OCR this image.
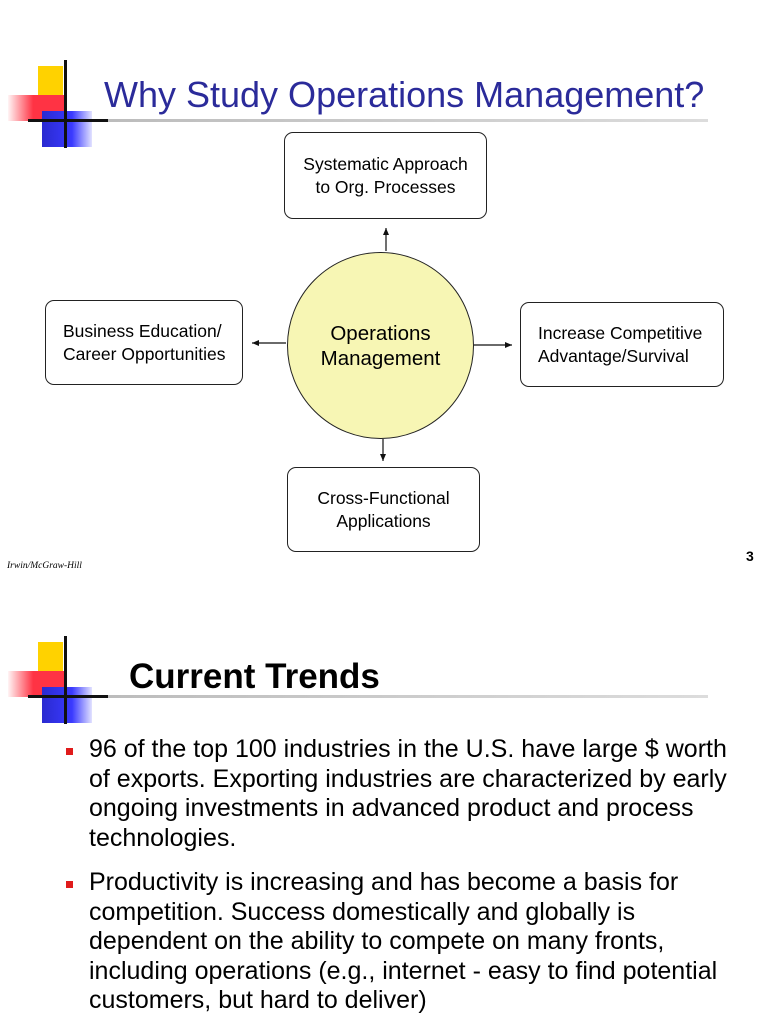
Why Study Operations Management?
Systematic Approach
to Org. Processes
Business Education/
Career Opportunities
Operations
Management
Increase Competitive
Advantage/Survival
Cross-Functional
Applications
Irwin/McGraw-Hill
3
Current Trends
96 of the top 100 industries in the U.S. have large $ worth of exports. Exporting industries are characterized by early ongoing investments in advanced product and process technologies.
Productivity is increasing and has become a basis for competition. Success domestically and globally is dependent on the ability to compete on many fronts, including operations (e.g., internet - easy to find potential customers, but hard to deliver)
